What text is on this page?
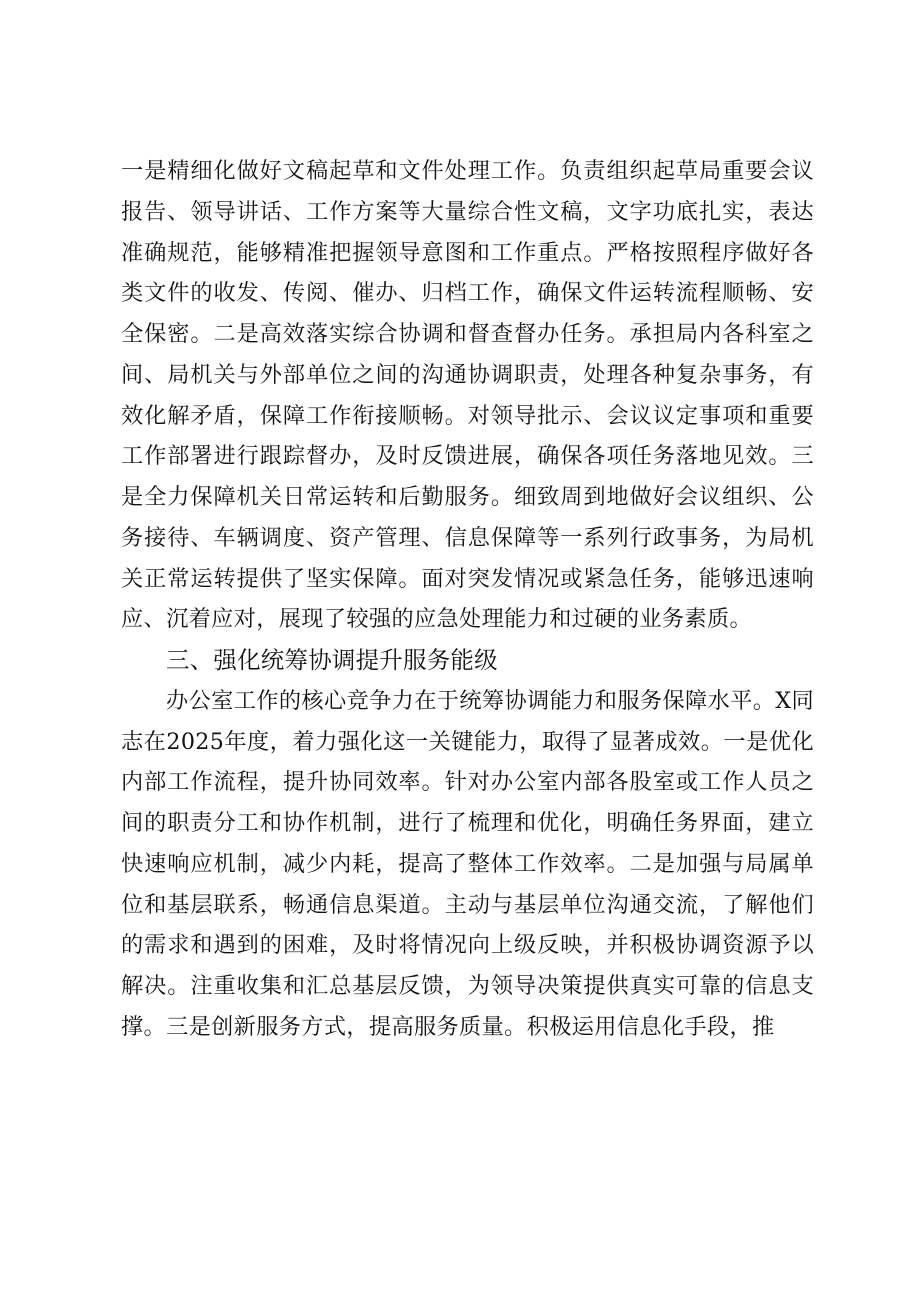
一是精细化做好文稿起草和文件处理工作。负责组织起草局重要会议报告、领导讲话、工作方案等大量综合性文稿，文字功底扎实，表达准确规范，能够精准把握领导意图和工作重点。严格按照程序做好各类文件的收发、传阅、催办、归档工作，确保文件运转流程顺畅、安全保密。二是高效落实综合协调和督查督办任务。承担局内各科室之间、局机关与外部单位之间的沟通协调职责，处理各种复杂事务，有效化解矛盾，保障工作衔接顺畅。对领导批示、会议议定事项和重要工作部署进行跟踪督办，及时反馈进展，确保各项任务落地见效。三是全力保障机关日常运转和后勤服务。细致周到地做好会议组织、公务接待、车辆调度、资产管理、信息保障等一系列行政事务，为局机关正常运转提供了坚实保障。面对突发情况或紧急任务，能够迅速响应、沉着应对，展现了较强的应急处理能力和过硬的业务素质。

三、强化统筹协调提升服务能级

办公室工作的核心竞争力在于统筹协调能力和服务保障水平。X同志在2025年度，着力强化这一关键能力，取得了显著成效。一是优化内部工作流程，提升协同效率。针对办公室内部各股室或工作人员之间的职责分工和协作机制，进行了梳理和优化，明确任务界面，建立快速响应机制，减少内耗，提高了整体工作效率。二是加强与局属单位和基层联系，畅通信息渠道。主动与基层单位沟通交流，了解他们的需求和遇到的困难，及时将情况向上级反映，并积极协调资源予以解决。注重收集和汇总基层反馈，为领导决策提供真实可靠的信息支撑。三是创新服务方式，提高服务质量。积极运用信息化手段，推
